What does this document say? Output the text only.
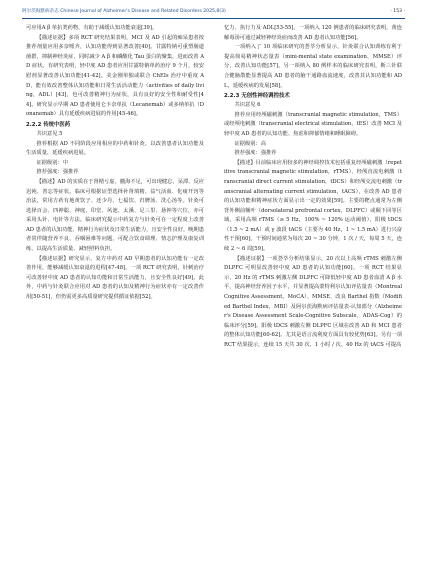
阿尔茨海默病杂志 Chinese Journal of Alzheimer's Disease and Related Disorders 2025,8(3)	· 153 ·

可应用A β 单抗类药物，有助于减缓认知功能衰退[39]。

【描述证据】多项 RCT 研究结果表明，MCI 及 AD 引起的痴呆患者按推荐剂量应用多奈哌齐，认知功能得到显著改善[40]。甘露特钠可重塑肠道菌群，抑制神经炎症，同时减少 A β 和磷酸化 Tau 蛋白的聚集，进而改善 AD 症状。有研究表明，轻中度 AD 患者应用甘露特钠单药治疗 9 个月，较安慰剂显著改善认知功能[41-42]。美金刚单独或联合 ChEIs 治疗中重度 AD，能有效改善整体认知功能和日常生活活动能力（activities of daily living，ADL）[43]，也可改善精神行为症状，具有良好的安全性和耐受性[44]。研究显示早期 AD 患者使用仑卡奈单抗（Lecanemab）或多纳单抗（Donanemab）具有延缓疾病进展的作用[45-46]。

2.2.2 传统中医药

共识意见 5

推荐根据 AD 不同阶段应用相应的中药和针灸，以改善患者认知功能及生活质量，延缓疾病进展。

证据级别：中

推荐强度：强推荐

【描述】AD 的实质在于肾精亏虚、髓海不足，可出现健忘、呆滞、反应迟钝、善忘等症状。临床可根据证型选择补肾填精、益气活血、化痰开窍等治法，常用方药有地黄饮子、还少丹、七福饮、归脾汤、洗心汤等。针灸可选择百会、四神聪、神庭、印堂、风池、太溪、足三里、悬钟等穴位，亦可采用头针、电针等方法。临床研究提示中药复方与针灸可在一定程度上改善 AD 患者的认知功能、精神行为症状及日常生活能力，且安全性良好。晚期患者常伴随营养不良、吞咽困难等问题，可配合饮食调理、情志护理及康复训练，以提高生活质量、减轻照料负担。

【描述证据】研究显示，复方中药对 AD 早期患者的认知功能有一定改善作用，能够减缓认知衰退的进程[47-48]。一项 RCT 研究表明，针刺治疗可改善轻中度 AD 患者的认知功能和日常生活能力，且安全性良好[49]。此外，中药与针灸联合应用对 AD 患者的认知及精神行为症状亦有一定改善作用[50-51]，但仍需更多高质量研究提供循证依据[52]。

忆力、执行力及 ADL[53-55]。一项纳入 120 例患者的临床研究表明，黄连解毒汤可通过减轻神经炎症而改善 AD 患者认知功能[56]。

一项纳入了 10 项临床研究的荟萃分析显示，针灸联合认知训练有利于提高简易精神状态量表（mini-mental state examination，MMSE）评分，改善认知功能[57]。另一项纳入 80 例样本的临床研究表明，靳三针联合健脑散能显著提高 AD 患者的脑干通路血流速度，改善其认知功能和 ADL，延缓疾病的发展[58]。

2.2.3 无创性神经调控技术

共识意见 6

推荐应用经颅磁刺激（transcranial magnetic stimulation，TMS）或经颅电刺激（transcranial electrical stimulation，tES）改善 MCI 及轻中度 AD 患者的认知功能、焦虑和抑郁情绪和睡眠障碍。

证据级别：高

推荐强度：强推荐

【描述】目前临床应用较多的神经调控技术包括重复经颅磁刺激（repetitive transcranial magnetic stimulation，rTMS）、经颅直流电刺激（transcranial direct current stimulation，tDCS）和经颅交流电刺激（transcranial alternating current stimulation，tACS），在改善 AD 患者的认知功能和精神症状方面显示出一定的效果[59]。主要的靶点通常为左侧背外侧前额叶（dorsolateral prefrontal cortex，DLPFC）或颞下回等区域，采用高频 rTMS（≥ 5 Hz，100% ~ 120% 运动阈值），阳极 tDCS（1.5 ~ 2 mA）或 γ 波段 tACS（主要为 40 Hz，1 ~ 1.5 mA）进行兴奋性干预[60]。干预时间通常为每次 20 ~ 30 分钟，1 次 / 天，每周 5 天，连续 2 ~ 6 周[59]。

【描述证据】一项荟萃分析结果显示，20 次以上高频 rTMS 刺激左侧 DLPFC 可明显改善轻中度 AD 患者的认知功能[60]。一项 RCT 结果显示，20 Hz 的 rTMS 刺激左侧 DLPFC 可降低轻中度 AD 患者血清 A β 水平，提高神经营养因子水平，并显著提高蒙特利尔认知评估量表（Montreal Cognitive Assessment，MoCA）、MMSE、改良 Barthel 指数（Modified Barthel Index，MBI）及阿尔茨海默病评估量表-认知部分（Alzheimer's Disease Assessment Scale-Cognitive Subscale，ADAS-Cog）的临床评分[59]。阳极 tDCS 刺激左侧 DLPFC 区域在改善 AD 和 MCI 患者的整体认知功能[60-62]。尤其是语言流利度方面具有较优势[63]。另有一项 RCT 结果提示，连续 15 天共 30 次、1 小时 / 次、40 Hz 的 tACS 可提高
